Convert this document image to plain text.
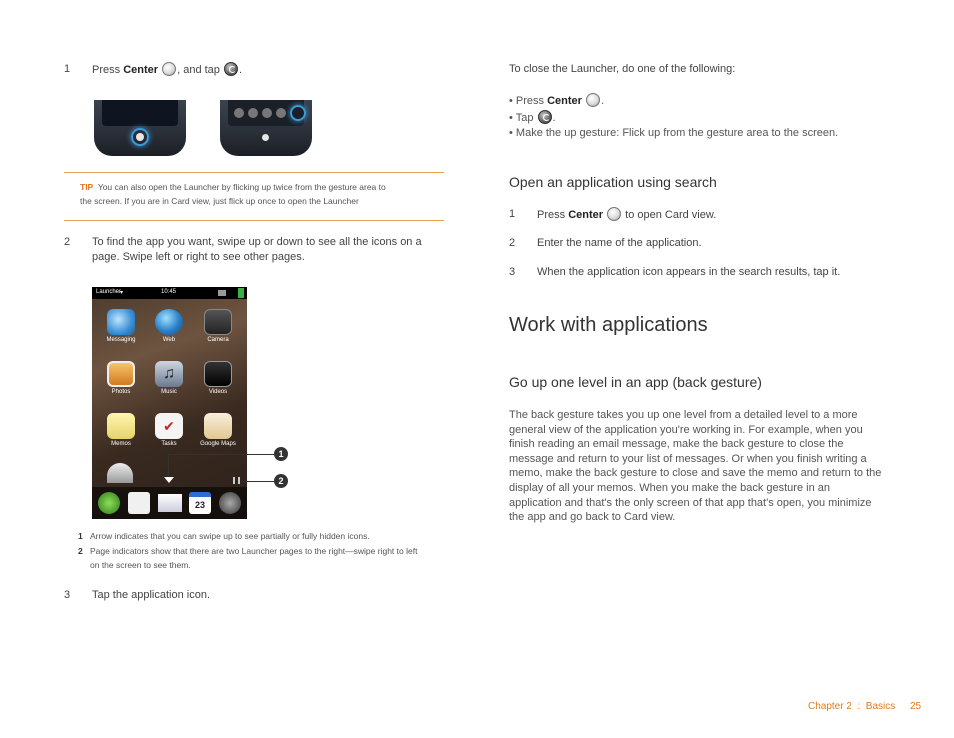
1 Press Center , and tap .
TIP You can also open the Launcher by flicking up twice from the gesture area to
the screen. If you are in Card view, just flick up once to open the Launcher
2 To find the app you want, swipe up or down to see all the icons on a
page. Swipe left or right to see other pages.
Launcher
▾	10:45
Messaging	Web	Camera
Photos
♫
Music	Videos
Memos
✔
Tasks	Google Maps
23
1
2
1 Arrow indicates that you can swipe up to see partially or fully hidden icons.
2 Page indicators show that there are two Launcher pages to the right—swipe right to left
on the screen to see them.
3 Tap the application icon.
To close the Launcher, do one of the following:
• Press Center .
• Tap .
• Make the up gesture: Flick up from the gesture area to the screen.
Open an application using search
1 Press Center to open Card view.
2 Enter the name of the application.
3 When the application icon appears in the search results, tap it.
Work with applications
Go up one level in an app (back gesture)
The back gesture takes you up one level from a detailed level to a more
general view of the application you're working in. For example, when you
finish reading an email message, make the back gesture to close the
message and return to your list of messages. Or when you finish writing a
memo, make the back gesture to close and save the memo and return to the
display of all your memos. When you make the back gesture in an
application and that's the only screen of that app that's open, you minimize
the app and go back to Card view.
Chapter 2  :  Basics 25
